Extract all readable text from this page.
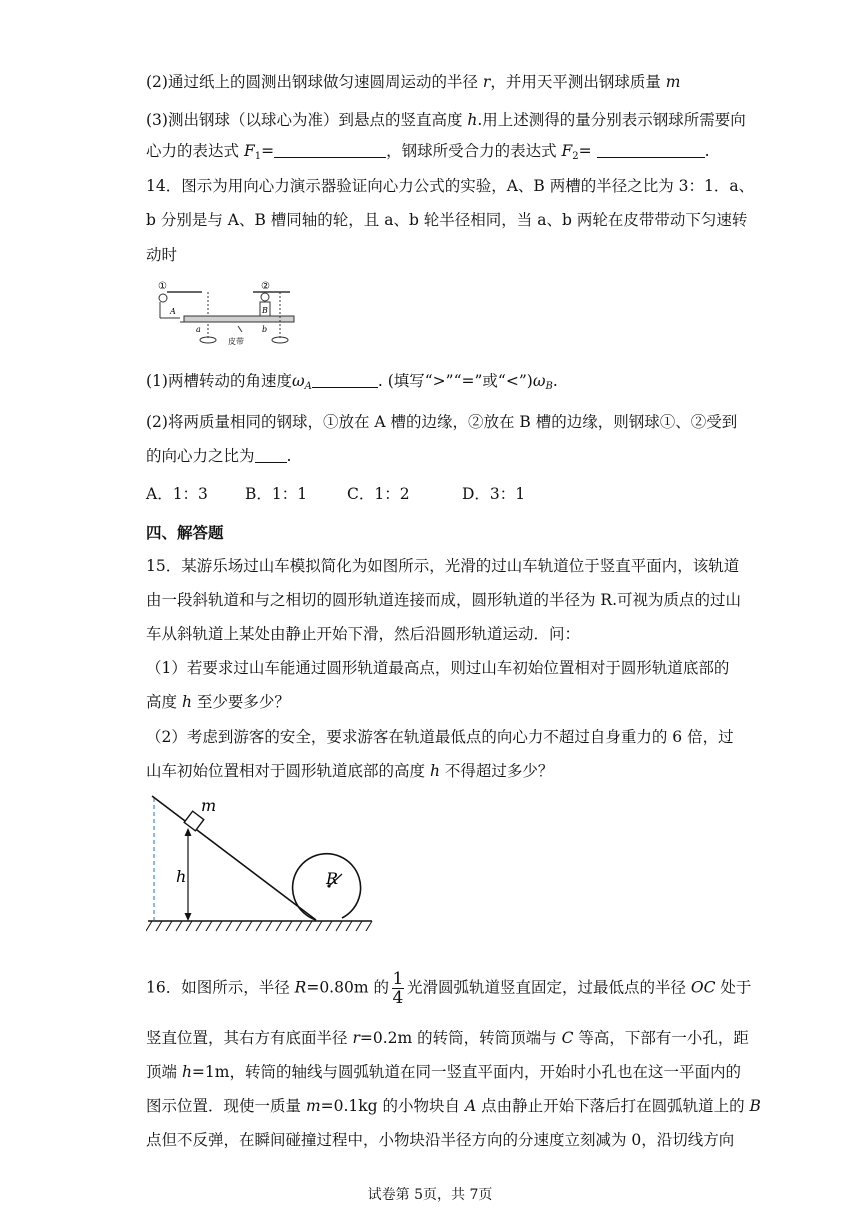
(2)通过纸上的圆测出钢球做匀速圆周运动的半径 r，并用天平测出钢球质量 m
(3)测出钢球（以球心为准）到悬点的竖直高度 h.用上述测得的量分别表示钢球所需要向
心力的表达式 $F_1=$	，钢球所受合力的表达式 $F_2=$	.
14．图示为用向心力演示器验证向心力公式的实验，A、B 两槽的半径之比为 3：1．a、
b 分别是与 A、B 槽同轴的轮，且 a、b 轮半径相同，当 a、b 两轮在皮带带动下匀速转
动时
①	②
A	B
a	b
皮带
(1)两槽转动的角速度$\omega_A$	. (填写“>”“=”或“$<”)\omega_B$.
(2)将两质量相同的钢球，①放在 A 槽的边缘，②放在 B 槽的边缘，则钢球①、②受到
的向心力之比为 .
A．1：3 B．1：1	C．1：2	D．3：1
四、解答题
15．某游乐场过山车模拟简化为如图所示，光滑的过山车轨道位于竖直平面内，该轨道
由一段斜轨道和与之相切的圆形轨道连接而成，圆形轨道的半径为 R.可视为质点的过山
车从斜轨道上某处由静止开始下滑，然后沿圆形轨道运动．问：
（1）若要求过山车能通过圆形轨道最高点，则过山车初始位置相对于圆形轨道底部的
高度 h 至少要多少？
（2）考虑到游客的安全，要求游客在轨道最低点的向心力不超过自身重力的 6 倍，过
山车初始位置相对于圆形轨道底部的高度 h 不得超过多少？
m
h	R
16．如图所示，半径 R=0.80m 的 $\frac{1}{4}$ 光滑圆弧轨道竖直固定，过最低点的半径 OC 处于
竖直位置，其右方有底面半径 r=0.2m 的转筒，转筒顶端与 C 等高，下部有一小孔，距
顶端 h=1m，转筒的轴线与圆弧轨道在同一竖直平面内，开始时小孔也在这一平面内的
图示位置．现使一质量 m=0.1kg 的小物块自 A 点由静止开始下落后打在圆弧轨道上的 B
点但不反弹，在瞬间碰撞过程中，小物块沿半径方向的分速度立刻减为 0，沿切线方向
试卷第 5页，共 7页
